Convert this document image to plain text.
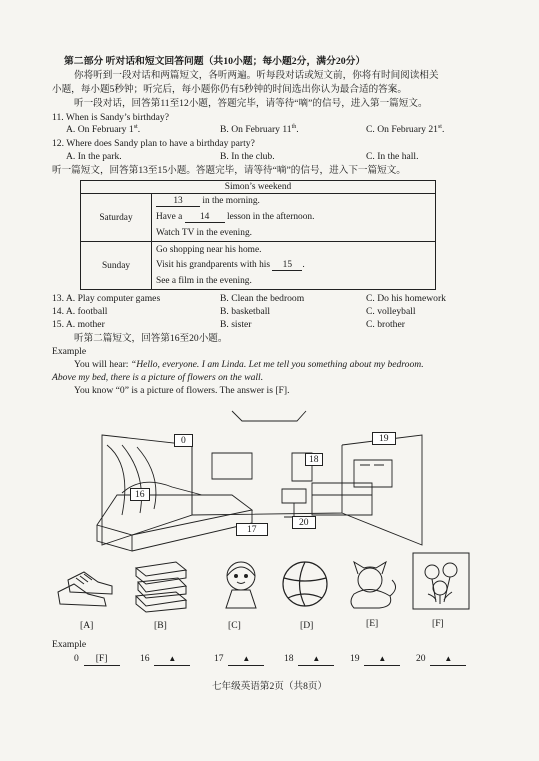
第二部分 听对话和短文回答问题（共10小题；每小题2分，满分20分）
你将听到一段对话和两篇短文，各听两遍。听每段对话或短文前，你将有时间阅读相关
小题，每小题5秒钟；听完后，每小题你仍有5秒钟的时间选出你认为最合适的答案。
听一段对话，回答第11至12小题，答题完毕，请等待“嘀”的信号，进入第一篇短文。
11. When is Sandy’s birthday?
A. On February 1st.	B. On February 11th.	C. On February 21st.
12. Where does Sandy plan to have a birthday party?
A. In the park.	B. In the club.	C. In the hall.
听一篇短文，回答第13至15小题。答题完毕，请等待“嘀”的信号，进入下一篇短文。
Simon’s weekend	
Saturday	13 in the morning.
	Have a 14 lesson in the afternoon.
	Watch TV in the evening.
Sunday	Go shopping near his home.
	Visit his grandparents with his 15 .
	See a film in the evening.
13. A. Play computer games	B. Clean the bedroom	C. Do his homework
14. A. football	B. basketball	C. volleyball
15. A. mother	B. sister	C. brother
听第二篇短文，回答第16至20小题。
Example
You will hear: “Hello, everyone. I am Linda. Let me tell you something about my bedroom.
Above my bed, there is a picture of flowers on the wall.
You know “0” is a picture of flowers. The answer is [F].
0
16
17
18
19
20
[A]	[B]	[C]	[D]	[E]	[F]
Example
0 [F]	16 ▲	17 ▲	18 ▲	19 ▲	20 ▲
七年级英语第2页（共8页）
